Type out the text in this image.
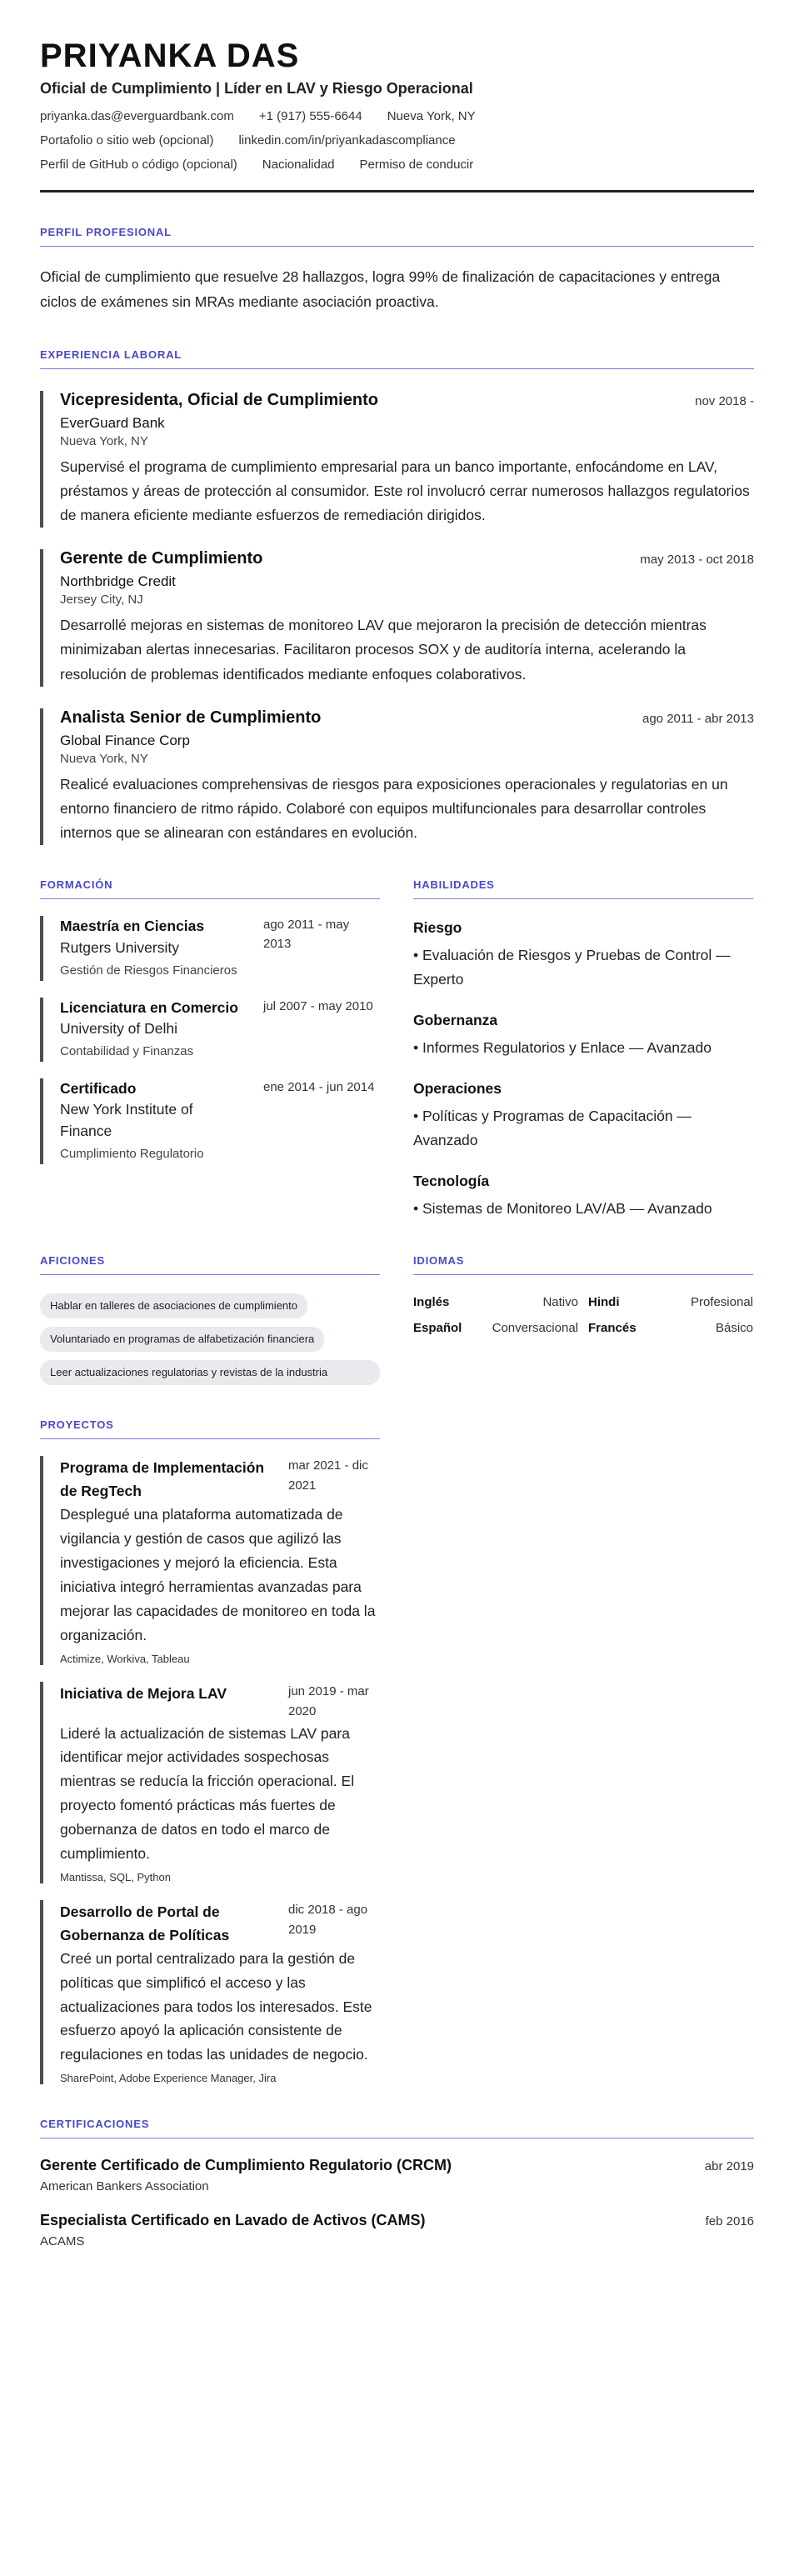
PRIYANKA DAS
Oficial de Cumplimiento | Líder en LAV y Riesgo Operacional
priyanka.das@everguardbank.com +1 (917) 555-6644 Nueva York, NY
Portafolio o sitio web (opcional) linkedin.com/in/priyankadascompliance
Perfil de GitHub o código (opcional) Nacionalidad Permiso de conducir
PERFIL PROFESIONAL

Oficial de cumplimiento que resuelve 28 hallazgos, logra 99% de finalización de capacitaciones y entrega ciclos de exámenes sin MRAs mediante asociación proactiva.

EXPERIENCIA LABORAL
Vicepresidenta, Oficial de Cumplimiento	nov 2018 -
EverGuard Bank
Nueva York, NY

Supervisé el programa de cumplimiento empresarial para un banco importante, enfocándome en LAV, préstamos y áreas de protección al consumidor. Este rol involucró cerrar numerosos hallazgos regulatorios de manera eficiente mediante esfuerzos de remediación dirigidos.

Gerente de Cumplimiento	may 2013 - oct 2018
Northbridge Credit
Jersey City, NJ

Desarrollé mejoras en sistemas de monitoreo LAV que mejoraron la precisión de detección mientras minimizaban alertas innecesarias. Facilitaron procesos SOX y de auditoría interna, acelerando la resolución de problemas identificados mediante enfoques colaborativos.

Analista Senior de Cumplimiento	ago 2011 - abr 2013
Global Finance Corp
Nueva York, NY

Realicé evaluaciones comprehensivas de riesgos para exposiciones operacionales y regulatorias en un entorno financiero de ritmo rápido. Colaboré con equipos multifuncionales para desarrollar controles internos que se alinearan con estándares en evolución.

FORMACIÓN
Maestría en Ciencias
Rutgers University
Gestión de Riesgos Financieros
ago 2011 - may 2013
Licenciatura en Comercio
University of Delhi
Contabilidad y Finanzas
jul 2007 - may 2010
Certificado
New York Institute of Finance
Cumplimiento Regulatorio
ene 2014 - jun 2014
HABILIDADES
Riesgo
• Evaluación de Riesgos y Pruebas de Control — Experto
Gobernanza
• Informes Regulatorios y Enlace — Avanzado
Operaciones
• Políticas y Programas de Capacitación — Avanzado
Tecnología
• Sistemas de Monitoreo LAV/AB — Avanzado
AFICIONES
Hablar en talleres de asociaciones de cumplimiento
Voluntariado en programas de alfabetización financiera
Leer actualizaciones regulatorias y revistas de la industria
IDIOMAS
Inglés	Nativo Hindi	Profesional
Español Conversacional Francés	Básico
PROYECTOS
Programa de Implementación de RegTech
mar 2021 - dic 2021

Desplegué una plataforma automatizada de vigilancia y gestión de casos que agilizó las investigaciones y mejoró la eficiencia. Esta iniciativa integró herramientas avanzadas para mejorar las capacidades de monitoreo en toda la organización.

Actimize, Workiva, Tableau
Iniciativa de Mejora LAV	jun 2019 - mar 2020

Lideré la actualización de sistemas LAV para identificar mejor actividades sospechosas mientras se reducía la fricción operacional. El proyecto fomentó prácticas más fuertes de gobernanza de datos en todo el marco de cumplimiento.

Mantissa, SQL, Python
Desarrollo de Portal de Gobernanza de Políticas
dic 2018 - ago 2019

Creé un portal centralizado para la gestión de políticas que simplificó el acceso y las actualizaciones para todos los interesados. Este esfuerzo apoyó la aplicación consistente de regulaciones en todas las unidades de negocio.

SharePoint, Adobe Experience Manager, Jira
CERTIFICACIONES
Gerente Certificado de Cumplimiento Regulatorio (CRCM)	abr 2019
American Bankers Association
Especialista Certificado en Lavado de Activos (CAMS)	feb 2016
ACAMS
